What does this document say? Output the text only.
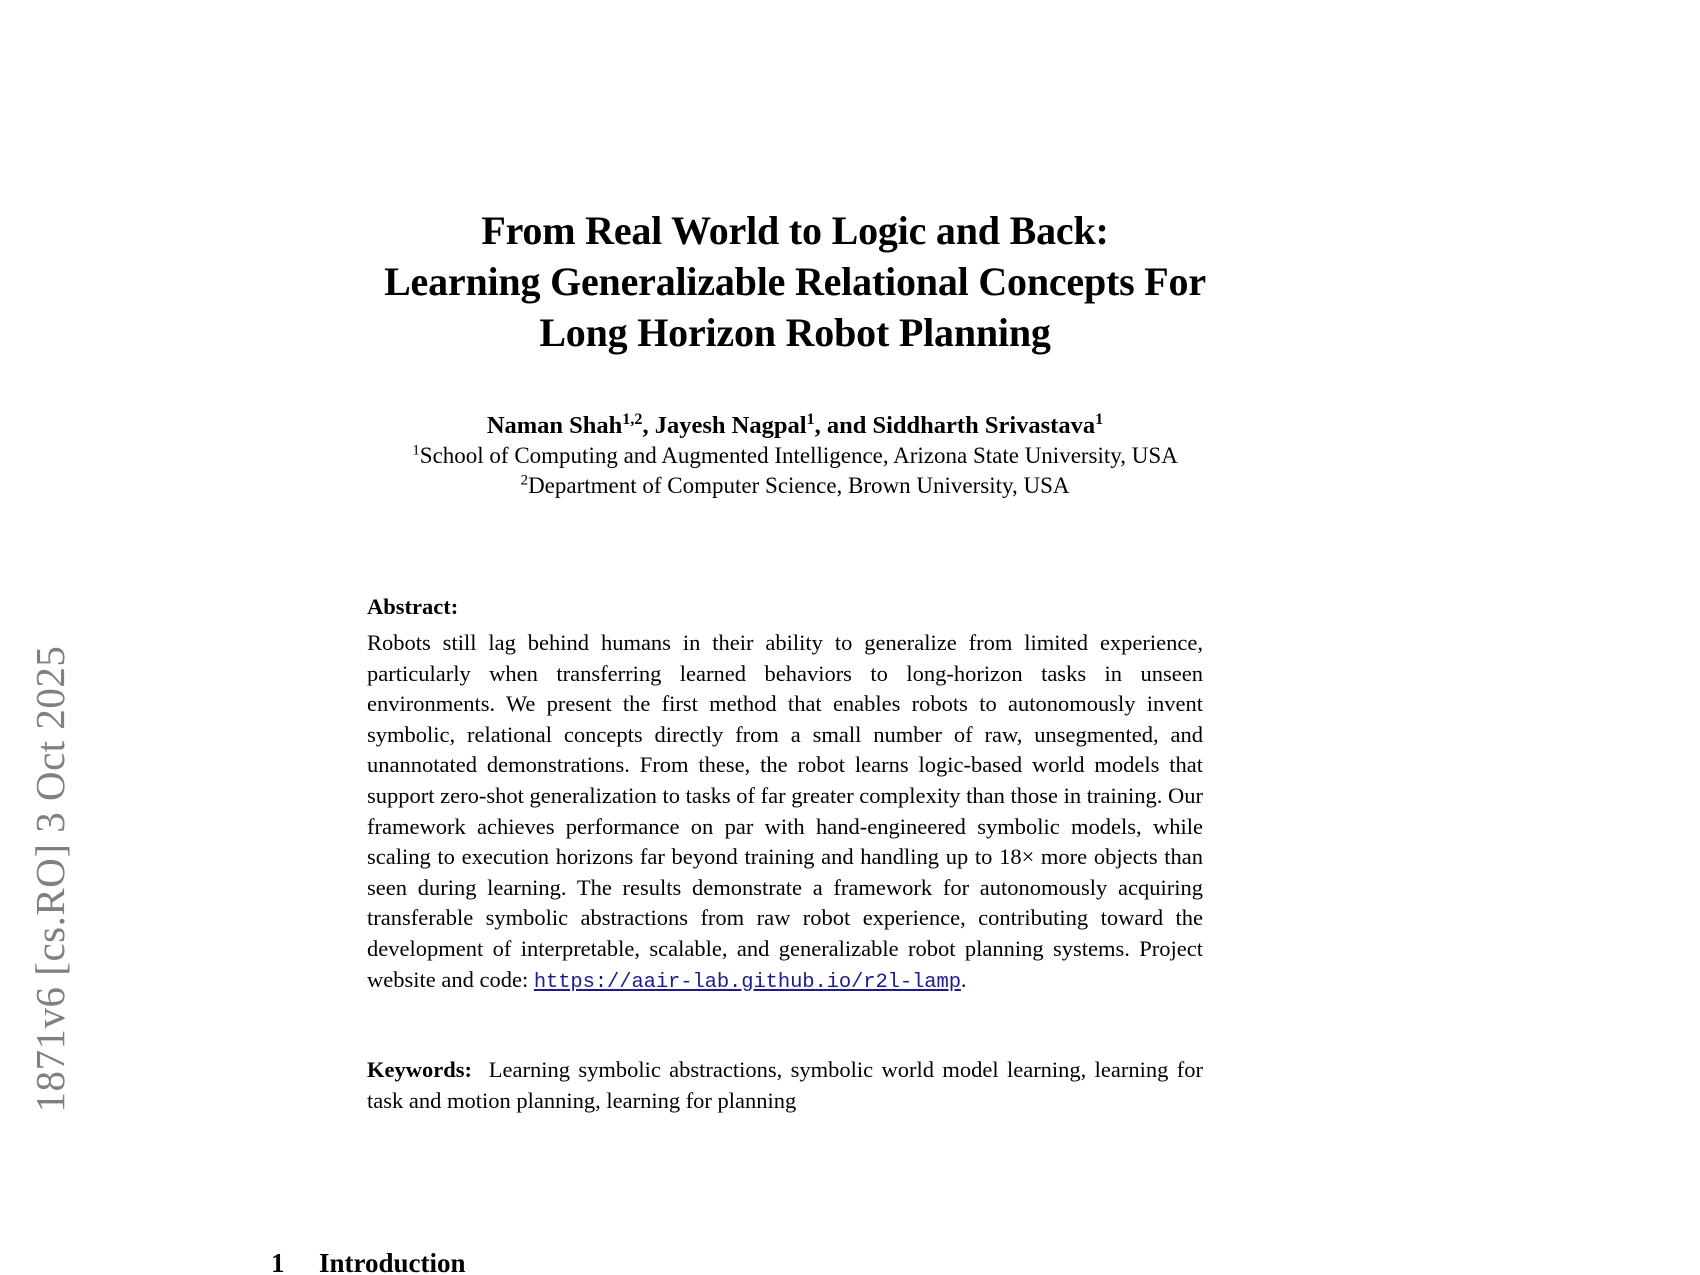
1871v6 [cs.RO] 3 Oct 2025
From Real World to Logic and Back:
Learning Generalizable Relational Concepts For
Long Horizon Robot Planning
Naman Shah$^{1,2}$, Jayesh Nagpal$^1$, and Siddharth Srivastava$^1$
$^1$School of Computing and Augmented Intelligence, Arizona State University, USA
$^2$Department of Computer Science, Brown University, USA
Abstract:
Robots still lag behind humans in their ability to generalize from limited experience, particularly when transferring learned behaviors to long-horizon tasks in unseen environments. We present the first method that enables robots to autonomously invent symbolic, relational concepts directly from a small number of raw, unsegmented, and unannotated demonstrations. From these, the robot learns logic-based world models that support zero-shot generalization to tasks of far greater complexity than those in training. Our framework achieves performance on par with hand-engineered symbolic models, while scaling to execution horizons far beyond training and handling up to 18× more objects than seen during learning. The results demonstrate a framework for autonomously acquiring transferable symbolic abstractions from raw robot experience, contributing toward the development of interpretable, scalable, and generalizable robot planning systems. Project website and code: https://aair-lab.github.io/r2l-lamp.
Keywords: Learning symbolic abstractions, symbolic world model learning, learning for task and motion planning, learning for planning
1 Introduction
